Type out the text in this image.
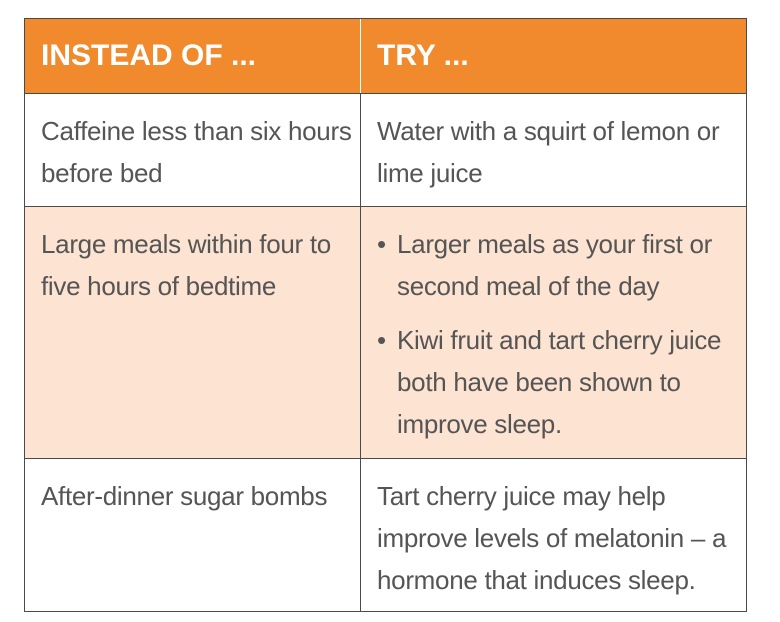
INSTEAD OF ...	TRY ...
Caffeine less than six hours before bed
Water with a squirt of lemon or lime juice
Large meals within four to five hours of bedtime
• Larger meals as your first or second meal of the day
• Kiwi fruit and tart cherry juice both have been shown to improve sleep.
After-dinner sugar bombs	Tart cherry juice may help improve levels of melatonin – a hormone that induces sleep.
